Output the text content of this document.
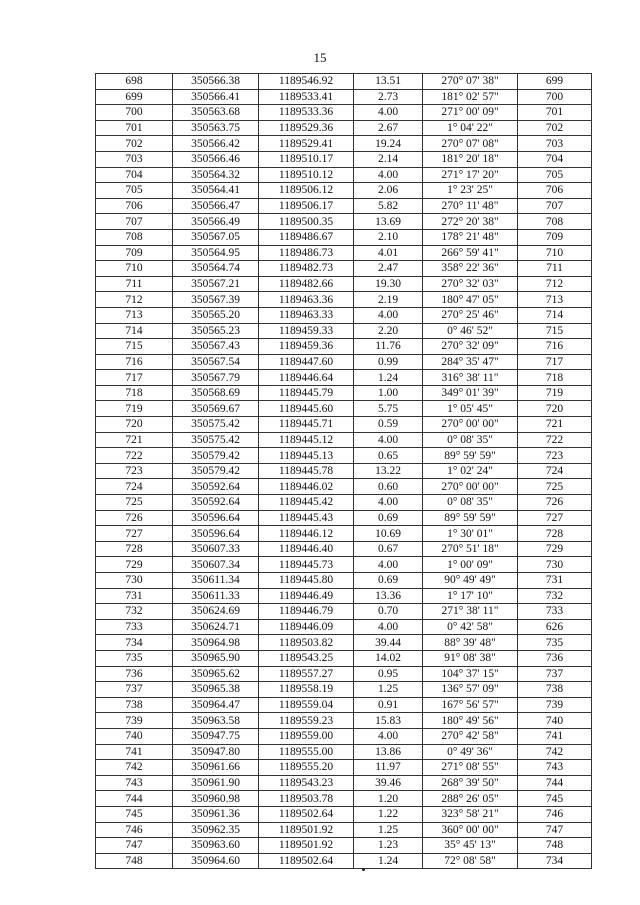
15
698	350566.38	1189546.92	13.51	270° 07' 38"	699
699	350566.41	1189533.41	2.73	181° 02' 57"	700
700	350563.68	1189533.36	4.00	271° 00' 09"	701
701	350563.75	1189529.36	2.67	1° 04' 22"	702
702	350566.42	1189529.41	19.24	270° 07' 08"	703
703	350566.46	1189510.17	2.14	181° 20' 18"	704
704	350564.32	1189510.12	4.00	271° 17' 20"	705
705	350564.41	1189506.12	2.06	1° 23' 25"	706
706	350566.47	1189506.17	5.82	270° 11' 48"	707
707	350566.49	1189500.35	13.69	272° 20' 38"	708
708	350567.05	1189486.67	2.10	178° 21' 48"	709
709	350564.95	1189486.73	4.01	266° 59' 41"	710
710	350564.74	1189482.73	2.47	358° 22' 36"	711
711	350567.21	1189482.66	19.30	270° 32' 03"	712
712	350567.39	1189463.36	2.19	180° 47' 05"	713
713	350565.20	1189463.33	4.00	270° 25' 46"	714
714	350565.23	1189459.33	2.20	0° 46' 52"	715
715	350567.43	1189459.36	11.76	270° 32' 09"	716
716	350567.54	1189447.60	0.99	284° 35' 47"	717
717	350567.79	1189446.64	1.24	316° 38' 11"	718
718	350568.69	1189445.79	1.00	349° 01' 39"	719
719	350569.67	1189445.60	5.75	1° 05' 45"	720
720	350575.42	1189445.71	0.59	270° 00' 00"	721
721	350575.42	1189445.12	4.00	0° 08' 35"	722
722	350579.42	1189445.13	0.65	89° 59' 59"	723
723	350579.42	1189445.78	13.22	1° 02' 24"	724
724	350592.64	1189446.02	0.60	270° 00' 00"	725
725	350592.64	1189445.42	4.00	0° 08' 35"	726
726	350596.64	1189445.43	0.69	89° 59' 59"	727
727	350596.64	1189446.12	10.69	1° 30' 01"	728
728	350607.33	1189446.40	0.67	270° 51' 18"	729
729	350607.34	1189445.73	4.00	1° 00' 09"	730
730	350611.34	1189445.80	0.69	90° 49' 49"	731
731	350611.33	1189446.49	13.36	1° 17' 10"	732
732	350624.69	1189446.79	0.70	271° 38' 11"	733
733	350624.71	1189446.09	4.00	0° 42' 58"	626
734	350964.98	1189503.82	39.44	88° 39' 48"	735
735	350965.90	1189543.25	14.02	91° 08' 38"	736
736	350965.62	1189557.27	0.95	104° 37' 15"	737
737	350965.38	1189558.19	1.25	136° 57' 09"	738
738	350964.47	1189559.04	0.91	167° 56' 57"	739
739	350963.58	1189559.23	15.83	180° 49' 56"	740
740	350947.75	1189559.00	4.00	270° 42' 58"	741
741	350947.80	1189555.00	13.86	0° 49' 36"	742
742	350961.66	1189555.20	11.97	271° 08' 55"	743
743	350961.90	1189543.23	39.46	268° 39' 50"	744
744	350960.98	1189503.78	1.20	288° 26' 05"	745
745	350961.36	1189502.64	1.22	323° 58' 21"	746
746	350962.35	1189501.92	1.25	360° 00' 00"	747
747	350963.60	1189501.92	1.23	35° 45' 13"	748
748	350964.60	1189502.64	1.24	72° 08' 58"	734
